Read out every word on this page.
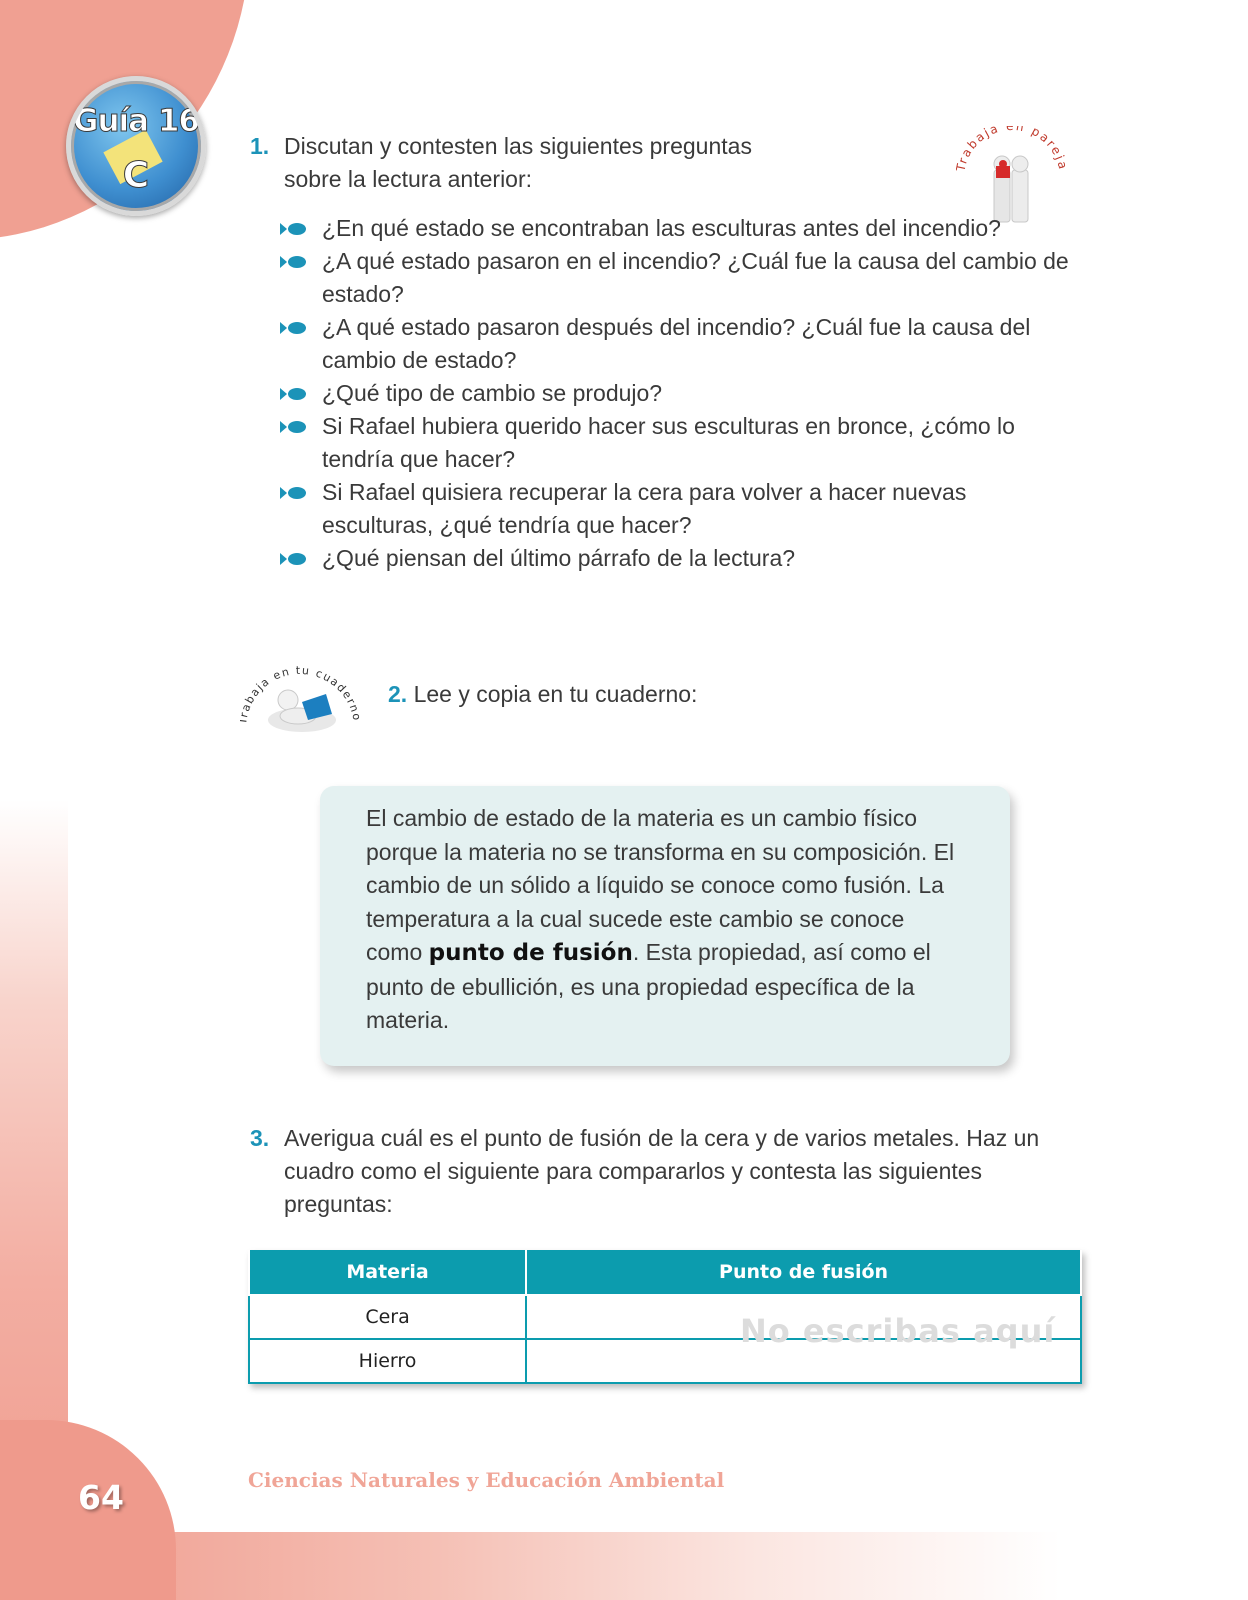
Guía 16
C	rabaja en parej
1. Discutan y contesten las siguientes preguntas sobre la lectura anterior:
¿En qué estado se encontraban las esculturas antes del incendio?
¿A qué estado pasaron en el incendio? ¿Cuál fue la causa del cambio de estado?
¿A qué estado pasaron después del incendio? ¿Cuál fue la causa del cambio de estado?
¿Qué tipo de cambio se produjo?
Si Rafael hubiera querido hacer sus esculturas en bronce, ¿cómo lo tendría que hacer?
Si Rafael quisiera recuperar la cera para volver a hacer nuevas esculturas, ¿qué tendría que hacer?
¿Qué piensan del último párrafo de la lectura?
abaja en tu cuader 2. Lee y copia en tu cuaderno:
El cambio de estado de la materia es un cambio físico porque la materia no se transforma en su composición. El cambio de un sólido a líquido se conoce como fusión. La temperatura a la cual sucede este cambio se conoce como punto de fusión. Esta propiedad, así como el punto de ebullición, es una propiedad específica de la materia.
3. Averigua cuál es el punto de fusión de la cera y de varios metales. Haz un cuadro como el siguiente para compararlos y contesta las siguientes preguntas:
Materia	Punto de fusión
Cera	
Hierro	
No escribas aquí
64	Ciencias Naturales y Educación Ambiental
